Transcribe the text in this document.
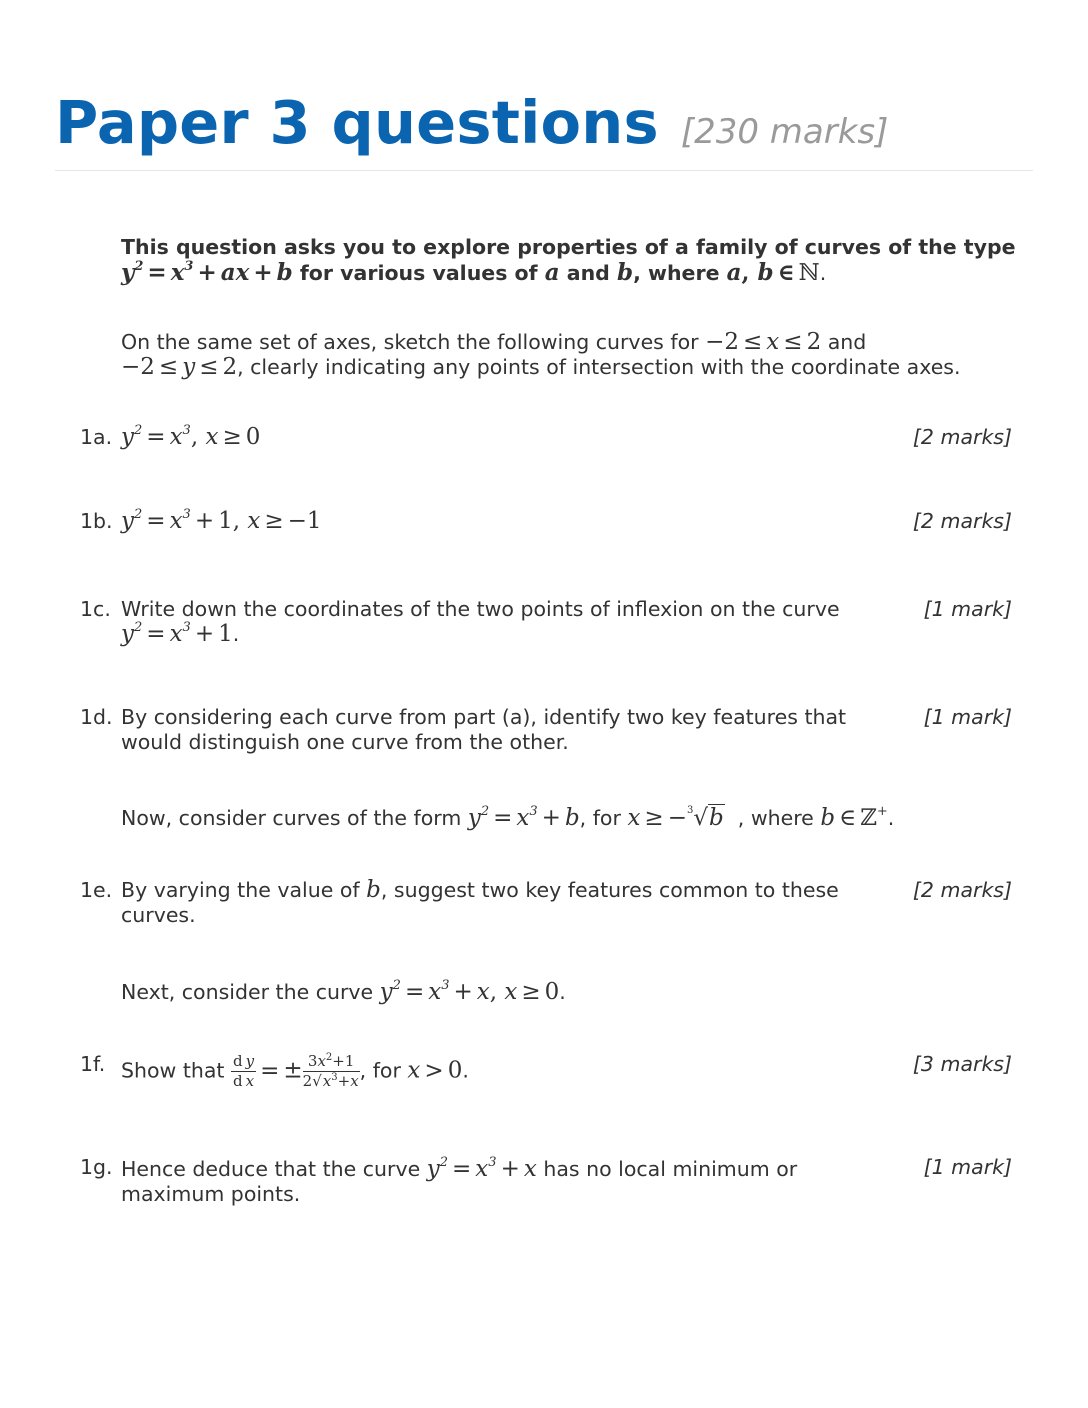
Paper 3 questions [230 marks]
This question asks you to explore properties of a family of curves of the type $y^2 = x^3$ + ax + b for various values of a and b, where a, b ∈ ℕ.
On the same set of axes, sketch the following curves for −2 ≤ x ≤ 2 and
−2 ≤ y ≤ 2, clearly indicating any points of intersection with the coordinate axes.
1a. $y^2 = x^3$, x ≥ 0	[2 marks]
1b. $y^2 = x^3 + 1$, x ≥ −1	[2 marks]
1c. Write down the coordinates of the two points of inflexion on the curve
$y^2 = x^3 + 1$.
[1 mark]
1d. By considering each curve from part (a), identify two key features that would distinguish one curve from the other.
[1 mark]
Now, consider curves of the form $y^2 = x^3 + b$, for x ≥ −$^3$√b , where b ∈ ℤ+.
1e. By varying the value of b, suggest two key features common to these curves.
[2 marks]
Next, consider the curve $y^2 = x^3 + x$, x ≥ 0.
1f. Show that $\frac{\text{d y}}{\text{d x}}$ = ± $\frac{3x^2+1}{2√x^3+x}$ , for x > 0.	[3 marks]
1g. Hence deduce that the curve $y^2 = x^3 + x$ has no local minimum or maximum points.
[1 mark]
